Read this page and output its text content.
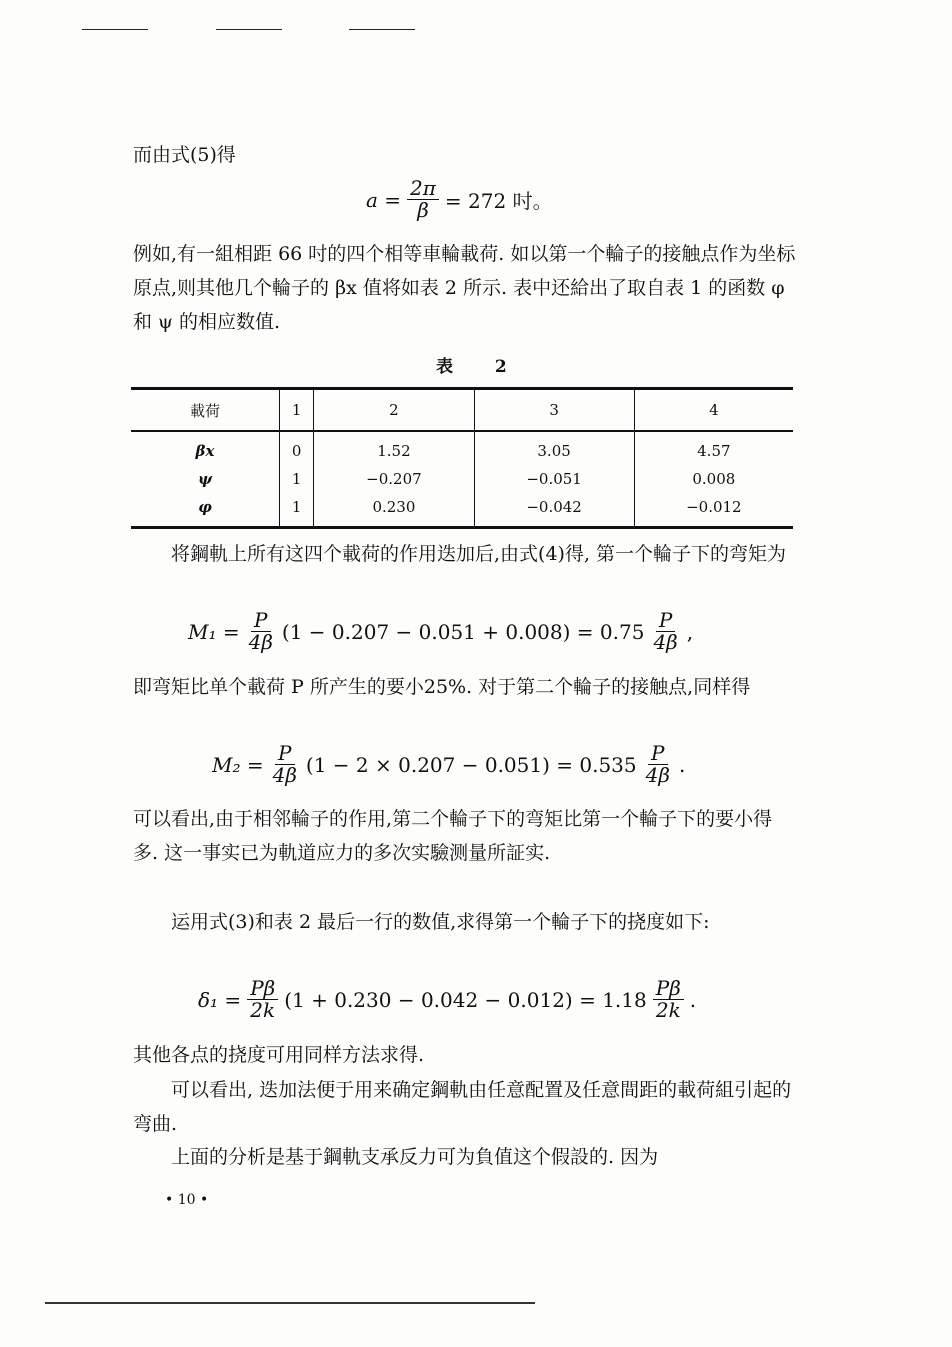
而由式(5)得

$a = \frac{2\pi}{\beta} = 272$ 吋。

例如,有一組相距 66 吋的四个相等車輪載荷. 如以第一个輪子的接触点作为坐标原点,则其他几个輪子的 βx 值将如表 2 所示. 表中还給出了取自表 1 的函数 φ 和 ψ 的相应数值.

表 2
載荷	1	2	3	4
βx	0	1.52	3.05	4.57
ψ	1	−0.207	−0.051	0.008
φ	1	0.230	−0.042	−0.012

将鋼軌上所有这四个載荷的作用迭加后,由式(4)得, 第一个輪子下的弯矩为

$M_1 = \frac{P}{4\beta} (1 - 0.207 - 0.051 + 0.008) = 0.75 \frac{P}{4\beta}$ ,

即弯矩比单个載荷 P 所产生的要小25%. 对于第二个輪子的接触点,同样得

$M_2 = \frac{P}{4\beta} (1 - 2 \times 0.207 - 0.051) = 0.535 \frac{P}{4\beta}$ .

可以看出,由于相邻輪子的作用,第二个輪子下的弯矩比第一个輪子下的要小得多. 这一事实已为軌道应力的多次实驗测量所証实.

运用式(3)和表 2 最后一行的数值,求得第一个輪子下的挠度如下:

$\delta_1 = \frac{P\beta}{2k} (1 + 0.230 - 0.042 - 0.012) = 1.18 \frac{P\beta}{2k}$ .

其他各点的挠度可用同样方法求得.

可以看出, 迭加法便于用来确定鋼軌由任意配置及任意間距的載荷組引起的弯曲.

上面的分析是基于鋼軌支承反力可为負值这个假設的. 因为

• 10 •
